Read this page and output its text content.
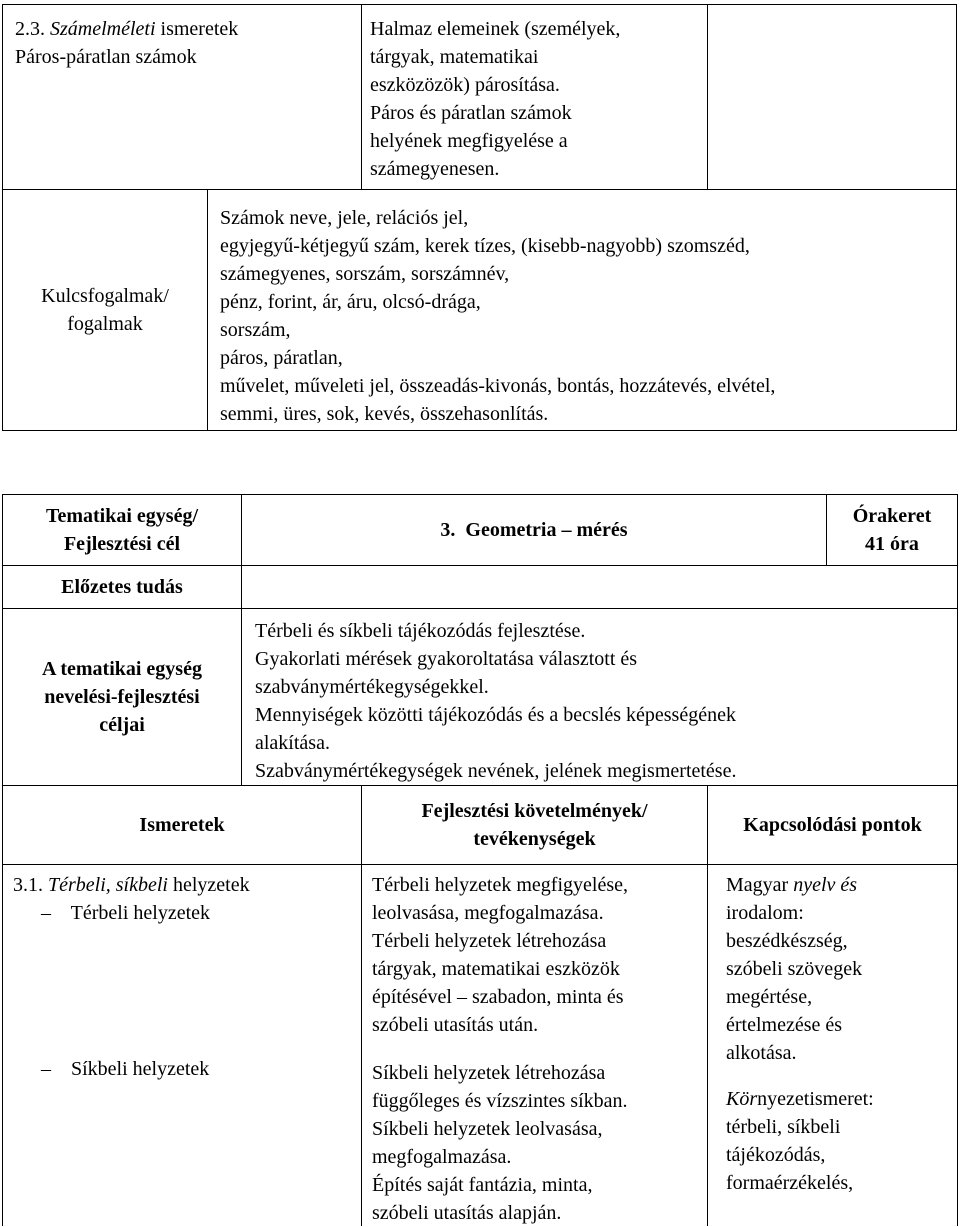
2.3. Számelméleti ismeretek

Páros-páratlan számok

Halmaz elemeinek (személyek,

tárgyak, matematikai

eszközözök) párosítása.

Páros és páratlan számok

helyének megfigyelése a

számegyenesen.

Kulcsfogalmak/

fogalmak

Számok neve, jele, relációs jel,

egyjegyű-kétjegyű szám, kerek tízes, (kisebb-nagyobb) szomszéd,

számegyenes, sorszám, sorszámnév,

pénz, forint, ár, áru, olcsó-drága,

sorszám,

páros, páratlan,

művelet, műveleti jel, összeadás-kivonás, bontás, hozzátevés, elvétel,

semmi, üres, sok, kevés, összehasonlítás.

Tematikai egység/

Fejlesztési cél

3.  Geometria – mérés

Órakeret

41 óra

Előzetes tudás

A tematikai egység

nevelési-fejlesztési

céljai

Térbeli és síkbeli tájékozódás fejlesztése.

Gyakorlati mérések gyakoroltatása választott és

szabványmértékegységekkel.

Mennyiségek közötti tájékozódás és a becslés képességének

alakítása.

Szabványmértékegységek nevének, jelének megismertetése.

Ismeretek

Fejlesztési követelmények/

tevékenységek

Kapcsolódási pontok

3.1. Térbeli, síkbeli helyzetek

–    Térbeli helyzetek

–    Síkbeli helyzetek

Térbeli helyzetek megfigyelése,

leolvasása, megfogalmazása.

Térbeli helyzetek létrehozása

tárgyak, matematikai eszközök

építésével – szabadon, minta és

szóbeli utasítás után.

Síkbeli helyzetek létrehozása

függőleges és vízszintes síkban.

Síkbeli helyzetek leolvasása,

megfogalmazása.

Építés saját fantázia, minta,

szóbeli utasítás alapján.

Magyar nyelv és

irodalom:

beszédkészség,

szóbeli szövegek

megértése,

értelmezése és

alkotása.

Környezetismeret:

térbeli, síkbeli

tájékozódás,

formaérzékelés,
